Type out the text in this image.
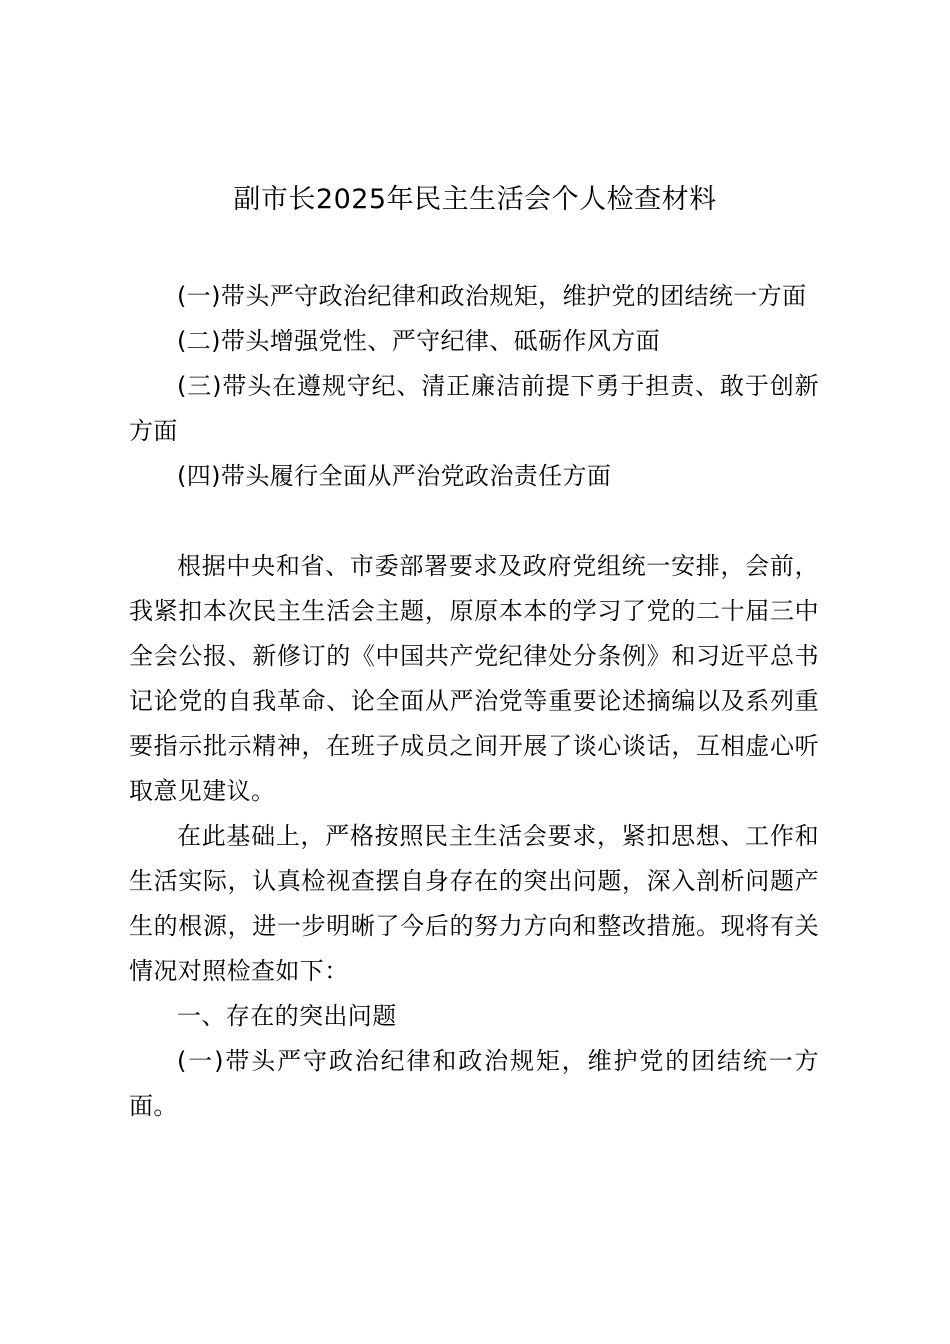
副市长2025年民主生活会个人检查材料

(一)带头严守政治纪律和政治规矩，维护党的团结统一方面

(二)带头增强党性、严守纪律、砥砺作风方面

(三)带头在遵规守纪、清正廉洁前提下勇于担责、敢于创新方面

(四)带头履行全面从严治党政治责任方面

根据中央和省、市委部署要求及政府党组统一安排，会前，我紧扣本次民主生活会主题，原原本本的学习了党的二十届三中全会公报、新修订的《中国共产党纪律处分条例》和习近平总书记论党的自我革命、论全面从严治党等重要论述摘编以及系列重要指示批示精神，在班子成员之间开展了谈心谈话，互相虚心听取意见建议。

在此基础上，严格按照民主生活会要求，紧扣思想、工作和生活实际，认真检视查摆自身存在的突出问题，深入剖析问题产生的根源，进一步明晰了今后的努力方向和整改措施。现将有关情况对照检查如下：

一、存在的突出问题

(一)带头严守政治纪律和政治规矩，维护党的团结统一方面。
